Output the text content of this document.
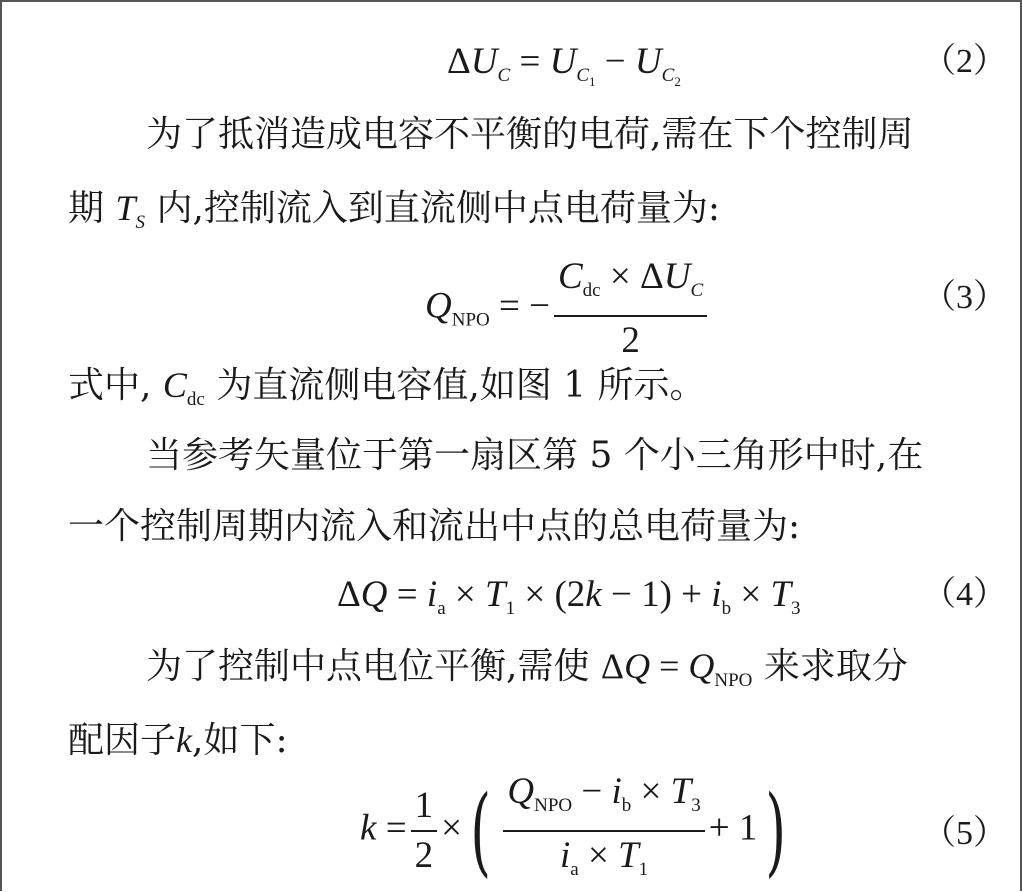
$\Delta U_C = U_{C_1} - U_{C_2}$
（2）
为了抵消造成电容不平衡的电荷,需在下个控制周
期 $T_S$ 内,控制流入到直流侧中点电荷量为:
$Q_{NPO}$ = − $\frac{C_{dc} \times \Delta U_C}{2}$	（3）
式中, $C_{dc}$ 为直流侧电容值,如图 1 所示。
当参考矢量位于第一扇区第 5 个小三角形中时,在
一个控制周期内流入和流出中点的总电荷量为:
$\Delta Q = i_a \times T_1 \times (2k - 1) + i_b \times T_3$	（4）
为了控制中点电位平衡,需使 $\Delta Q = Q_{NPO}$ 来求取分
配因子k,如下:
$k = \frac{1}{2}$ ×( $\frac{Q_{NPO} - i_b \times T_3}{i_a \times T_1} + 1$)	（5）
